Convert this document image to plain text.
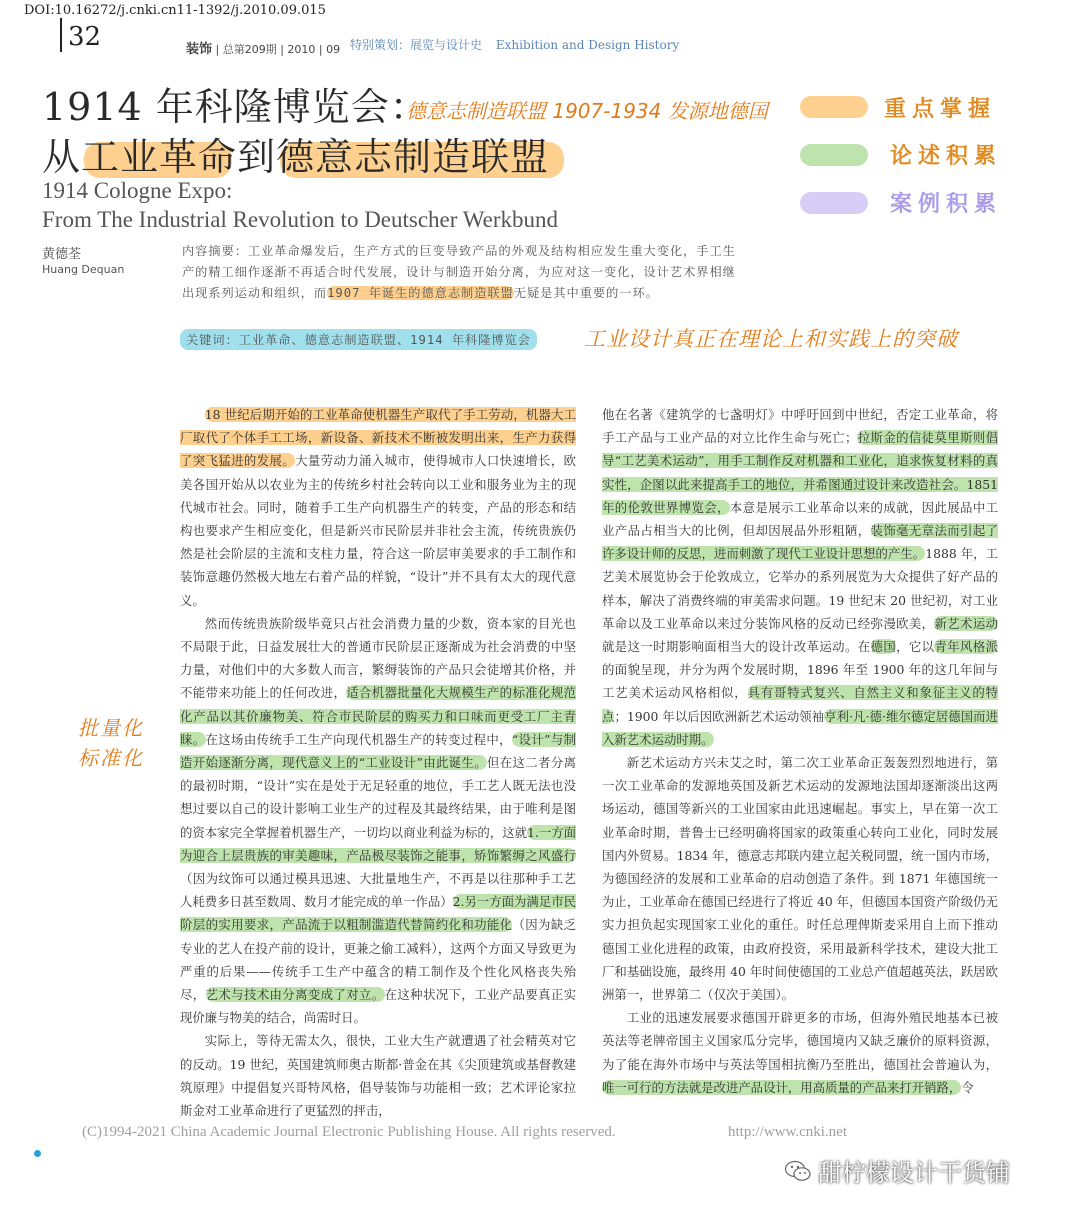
DOI:10.16272/j.cnki.cn11-1392/j.2010.09.015
32	装饰 | 总第209期 | 2010 | 09 特别策划：展览与设计史 Exhibition and Design History
1914 年科隆博览会：
从工业革命到德意志制造联盟
德意志制造联盟 1907-1934 发源地德国	重点掌握
论述积累
案例积累
1914 Cologne Expo:
From The Industrial Revolution to Deutscher Werkbund
黄德荃
Huang Dequan
内容摘要：工业革命爆发后，生产方式的巨变导致产品的外观及结构相应发生重大变化，手工生产的精工细作逐渐不再适合时代发展，设计与制造开始分离，为应对这一变化，设计艺术界相继出现系列运动和组织，而1907 年诞生的德意志制造联盟无疑是其中重要的一环。
关键词：工业革命、德意志制造联盟、1914 年科隆博览会	工业设计真正在理论上和实践上的突破
批量化
标准化

18 世纪后期开始的工业革命使机器生产取代了手工劳动，机器大工厂取代了个体手工工场，新设备、新技术不断被发明出来，生产力获得了突飞猛进的发展。大量劳动力涌入城市，使得城市人口快速增长，欧美各国开始从以农业为主的传统乡村社会转向以工业和服务业为主的现代城市社会。同时，随着手工生产向机器生产的转变，产品的形态和结构也要求产生相应变化，但是新兴市民阶层并非社会主流，传统贵族仍然是社会阶层的主流和支柱力量，符合这一阶层审美要求的手工制作和装饰意趣仍然极大地左右着产品的样貌，“设计”并不具有太大的现代意义。

然而传统贵族阶级毕竟只占社会消费力量的少数，资本家的目光也不局限于此，日益发展壮大的普通市民阶层正逐渐成为社会消费的中坚力量，对他们中的大多数人而言，繁缛装饰的产品只会徒增其价格，并不能带来功能上的任何改进，适合机器批量化大规模生产的标准化规范化产品以其价廉物美、符合市民阶层的购买力和口味而更受工厂主青睐。在这场由传统手工生产向现代机器生产的转变过程中，“设计”与制造开始逐渐分离，现代意义上的“工业设计”由此诞生。但在这二者分离的最初时期，“设计”实在是处于无足轻重的地位，手工艺人既无法也没想过要以自己的设计影响工业生产的过程及其最终结果，由于唯利是图的资本家完全掌握着机器生产，一切均以商业利益为标的，这就1.一方面为迎合上层贵族的审美趣味，产品极尽装饰之能事，矫饰繁缛之风盛行（因为纹饰可以通过模具迅速、大批量地生产，不再是以往那种手工艺人耗费多日甚至数周、数月才能完成的单一作品）2.另一方面为满足市民阶层的实用要求，产品流于以粗制滥造代替简约化和功能化（因为缺乏专业的艺人在投产前的设计，更兼之偷工减料），这两个方面又导致更为严重的后果——传统手工生产中蕴含的精工制作及个性化风格丧失殆尽，艺术与技术由分离变成了对立。在这种状况下，工业产品要真正实现价廉与物美的结合，尚需时日。

实际上，等待无需太久，很快，工业大生产就遭遇了社会精英对它的反动。19 世纪，英国建筑师奥古斯都·普金在其《尖顶建筑或基督教建筑原理》中提倡复兴哥特风格，倡导装饰与功能相一致；艺术评论家拉斯金对工业革命进行了更猛烈的抨击，

他在名著《建筑学的七盏明灯》中呼吁回到中世纪，否定工业革命，将手工产品与工业产品的对立比作生命与死亡；拉斯金的信徒莫里斯则倡导“工艺美术运动”，用手工制作反对机器和工业化，追求恢复材料的真实性，企图以此来提高手工的地位，并希图通过设计来改造社会。1851 年的伦敦世界博览会，本意是展示工业革命以来的成就，因此展品中工业产品占相当大的比例，但却因展品外形粗陋，装饰毫无章法而引起了许多设计师的反思，进而刺激了现代工业设计思想的产生。1888 年，工艺美术展览协会于伦敦成立，它举办的系列展览为大众提供了好产品的样本，解决了消费终端的审美需求问题。19 世纪末 20 世纪初，对工业革命以及工业革命以来过分装饰风格的反动已经弥漫欧美，新艺术运动就是这一时期影响面相当大的设计改革运动。在德国，它以青年风格派的面貌呈现，并分为两个发展时期，1896 年至 1900 年的这几年间与工艺美术运动风格相似，具有哥特式复兴、自然主义和象征主义的特点；1900 年以后因欧洲新艺术运动领袖亨利·凡·德·维尔德定居德国而进入新艺术运动时期。

新艺术运动方兴未艾之时，第二次工业革命正轰轰烈烈地进行，第一次工业革命的发源地英国及新艺术运动的发源地法国却逐渐淡出这两场运动，德国等新兴的工业国家由此迅速崛起。事实上，早在第一次工业革命时期，普鲁士已经明确将国家的政策重心转向工业化，同时发展国内外贸易。1834 年，德意志邦联内建立起关税同盟，统一国内市场，为德国经济的发展和工业革命的启动创造了条件。到 1871 年德国统一为止，工业革命在德国已经进行了将近 40 年，但德国本国资产阶级仍无实力担负起实现国家工业化的重任。时任总理俾斯麦采用自上而下推动德国工业化进程的政策，由政府投资，采用最新科学技术，建设大批工厂和基础设施，最终用 40 年时间使德国的工业总产值超越英法，跃居欧洲第一，世界第二（仅次于美国）。

工业的迅速发展要求德国开辟更多的市场，但海外殖民地基本已被英法等老牌帝国主义国家瓜分完毕，德国境内又缺乏廉价的原料资源，为了能在海外市场中与英法等国相抗衡乃至胜出，德国社会普遍认为，唯一可行的方法就是改进产品设计，用高质量的产品来打开销路，令

(C)1994-2021 China Academic Journal Electronic Publishing House. All rights reserved.	http://www.cnki.net
甜柠檬设计干货铺
